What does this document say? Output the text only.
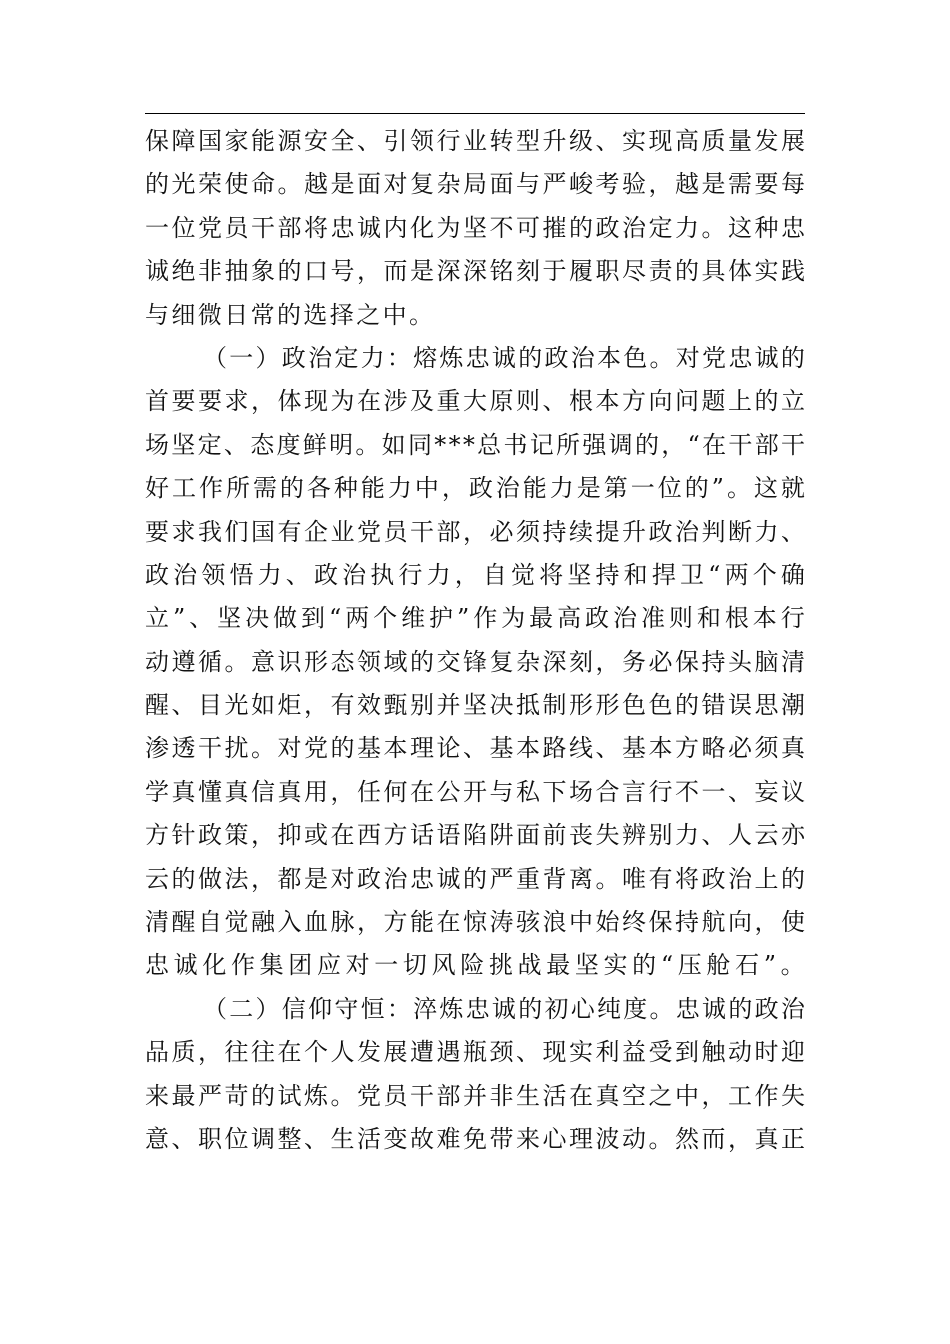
保 障 国 家 能 源 安 全 、 引 领 行 业 转 型 升 级 、 实 现 高 质 量 发 展
的 光 荣 使 命 。 越 是 面 对 复 杂 局 面 与 严 峻 考 验 ， 越 是 需 要 每
一 位 党 员 干 部 将 忠 诚 内 化 为 坚 不 可 摧 的 政 治 定 力 。 这 种 忠
诚 绝 非 抽 象 的 口 号 ， 而 是 深 深 铭 刻 于 履 职 尽 责 的 具 体 实 践
与细微日常的选择之中。
（ 一 ） 政 治 定 力 ： 熔 炼 忠 诚 的 政 治 本 色 。 对 党 忠 诚 的
首 要 要 求 ， 体 现 为 在 涉 及 重 大 原 则 、 根 本 方 向 问 题 上 的 立
场 坚 定 、 态 度 鲜 明 。 如 同 * * * 总 书 记 所 强 调 的 ， “ 在 干 部 干
好 工 作 所 需 的 各 种 能 力 中 ， 政 治 能 力 是 第 一 位 的 ” 。 这 就
要 求 我 们 国 有 企 业 党 员 干 部 ， 必 须 持 续 提 升 政 治 判 断 力 、
政 治 领 悟 力 、 政 治 执 行 力 ， 自 觉 将 坚 持 和 捍 卫 “ 两 个 确
立 ” 、 坚 决 做 到 “ 两 个 维 护 ” 作 为 最 高 政 治 准 则 和 根 本 行
动 遵 循 。 意 识 形 态 领 域 的 交 锋 复 杂 深 刻 ， 务 必 保 持 头 脑 清
醒 、 目 光 如 炬 ， 有 效 甄 别 并 坚 决 抵 制 形 形 色 色 的 错 误 思 潮
渗 透 干 扰 。 对 党 的 基 本 理 论 、 基 本 路 线 、 基 本 方 略 必 须 真
学 真 懂 真 信 真 用 ， 任 何 在 公 开 与 私 下 场 合 言 行 不 一 、 妄 议
方 针 政 策 ， 抑 或 在 西 方 话 语 陷 阱 面 前 丧 失 辨 别 力 、 人 云 亦
云 的 做 法 ， 都 是 对 政 治 忠 诚 的 严 重 背 离 。 唯 有 将 政 治 上 的
清 醒 自 觉 融 入 血 脉 ， 方 能 在 惊 涛 骇 浪 中 始 终 保 持 航 向 ， 使
忠 诚 化 作 集 团 应 对 一 切 风 险 挑 战 最 坚 实 的 “ 压 舱 石 ” 。
（ 二 ） 信 仰 守 恒 ： 淬 炼 忠 诚 的 初 心 纯 度 。 忠 诚 的 政 治
品 质 ， 往 往 在 个 人 发 展 遭 遇 瓶 颈 、 现 实 利 益 受 到 触 动 时 迎
来 最 严 苛 的 试 炼 。 党 员 干 部 并 非 生 活 在 真 空 之 中 ， 工 作 失
意 、 职 位 调 整 、 生 活 变 故 难 免 带 来 心 理 波 动 。 然 而 ， 真 正
